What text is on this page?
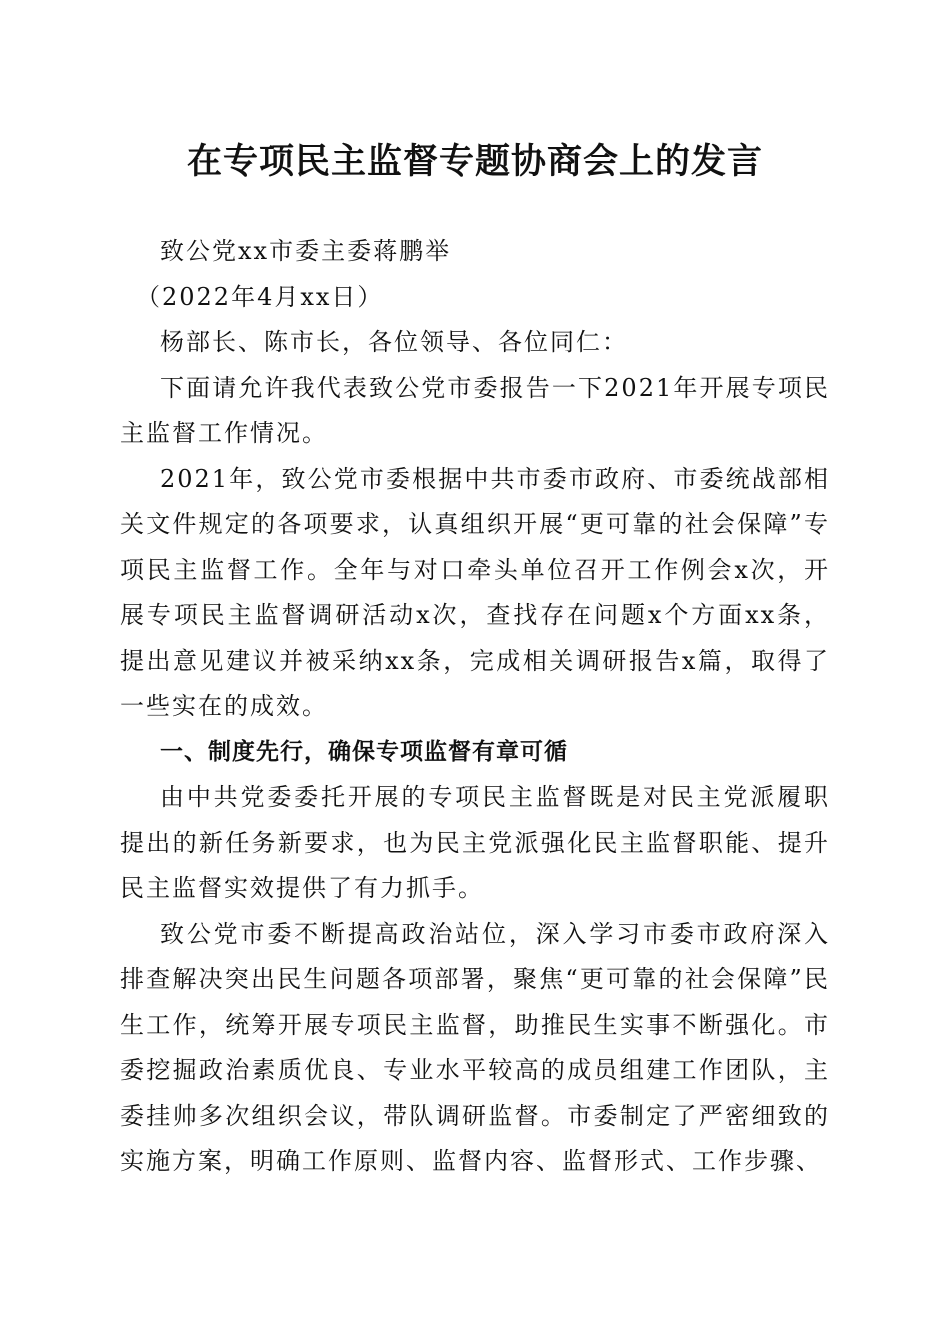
在专项民主监督专题协商会上的发言

致公党xx市委主委蒋鹏举

（2022年4月xx日）

杨部长、陈市长，各位领导、各位同仁：

下面请允许我代表致公党市委报告一下2021年开展专项民主监督工作情况。

2021年，致公党市委根据中共市委市政府、市委统战部相关文件规定的各项要求，认真组织开展“更可靠的社会保障”专项民主监督工作。全年与对口牵头单位召开工作例会x次，开展专项民主监督调研活动x次，查找存在问题x个方面xx条，提出意见建议并被采纳xx条，完成相关调研报告x篇，取得了一些实在的成效。

一、制度先行，确保专项监督有章可循

由中共党委委托开展的专项民主监督既是对民主党派履职提出的新任务新要求，也为民主党派强化民主监督职能、提升民主监督实效提供了有力抓手。

致公党市委不断提高政治站位，深入学习市委市政府深入排查解决突出民生问题各项部署，聚焦“更可靠的社会保障”民生工作，统筹开展专项民主监督，助推民生实事不断强化。市委挖掘政治素质优良、专业水平较高的成员组建工作团队，主委挂帅多次组织会议，带队调研监督。市委制定了严密细致的实施方案，明确工作原则、监督内容、监督形式、工作步骤、
